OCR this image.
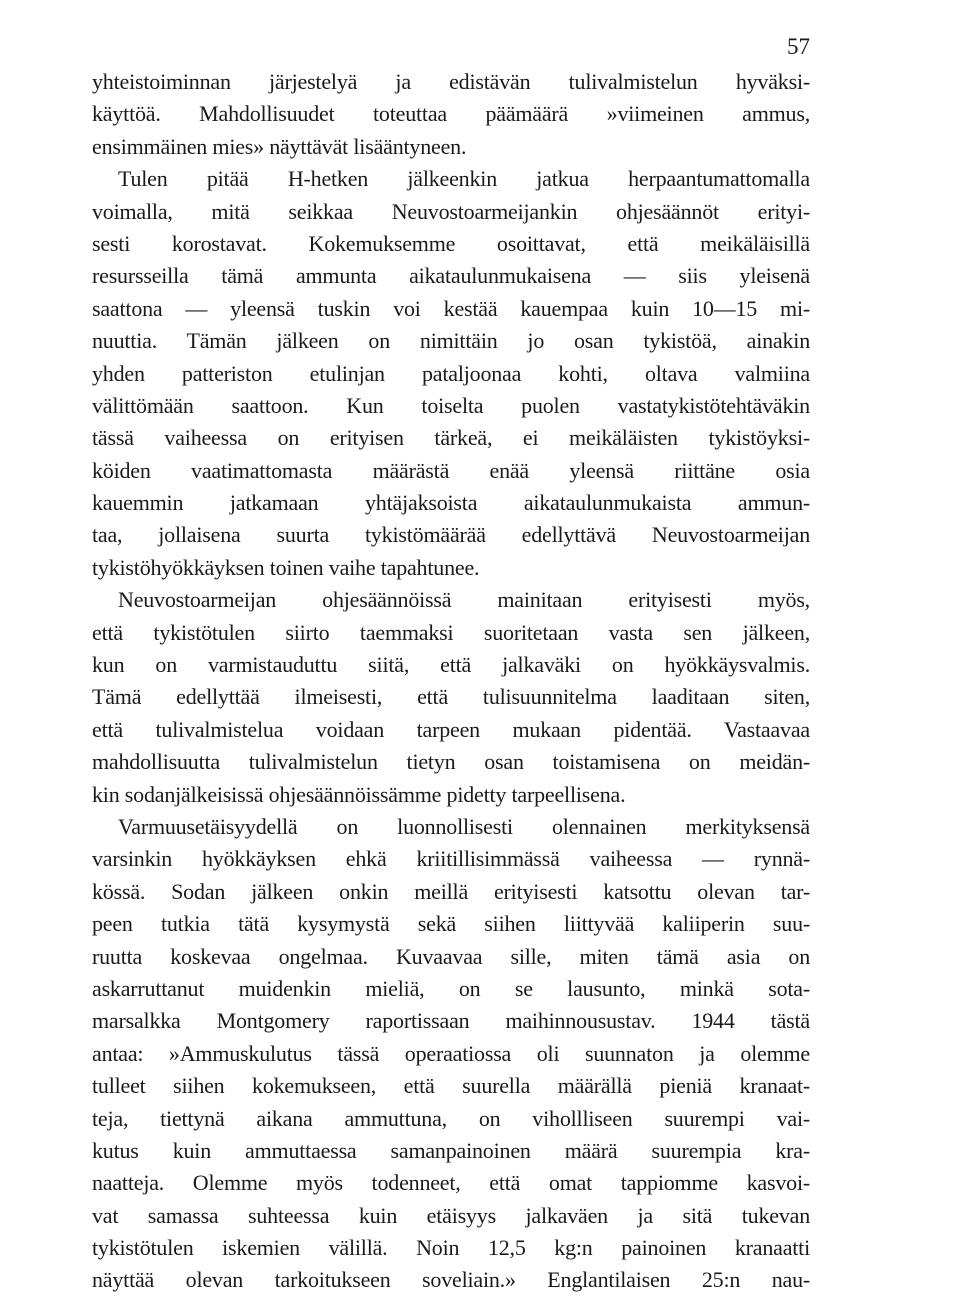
57
yhteistoiminnan järjestelyä ja edistävän tulivalmistelun hyväksi-
käyttöä. Mahdollisuudet toteuttaa päämäärä »viimeinen ammus,
ensimmäinen mies» näyttävät lisääntyneen.
Tulen pitää H-hetken jälkeenkin jatkua herpaantumattomalla
voimalla, mitä seikkaa Neuvostoarmeijankin ohjesäännöt erityi-
sesti korostavat. Kokemuksemme osoittavat, että meikäläisillä
resursseilla tämä ammunta aikataulunmukaisena — siis yleisenä
saattona — yleensä tuskin voi kestää kauempaa kuin 10—15 mi-
nuuttia. Tämän jälkeen on nimittäin jo osan tykistöä, ainakin
yhden patteriston etulinjan pataljoonaa kohti, oltava valmiina
välittömään saattoon. Kun toiselta puolen vastatykistötehtäväkin
tässä vaiheessa on erityisen tärkeä, ei meikäläisten tykistöyksi-
köiden vaatimattomasta määrästä enää yleensä riittäne osia
kauemmin jatkamaan yhtäjaksoista aikataulunmukaista ammun-
taa, jollaisena suurta tykistömäärää edellyttävä Neuvostoarmeijan
tykistöhyökkäyksen toinen vaihe tapahtunee.
Neuvostoarmeijan ohjesäännöissä mainitaan erityisesti myös,
että tykistötulen siirto taemmaksi suoritetaan vasta sen jälkeen,
kun on varmistauduttu siitä, että jalkaväki on hyökkäysvalmis.
Tämä edellyttää ilmeisesti, että tulisuunnitelma laaditaan siten,
että tulivalmistelua voidaan tarpeen mukaan pidentää. Vastaavaa
mahdollisuutta tulivalmistelun tietyn osan toistamisena on meidän-
kin sodanjälkeisissä ohjesäännöissämme pidetty tarpeellisena.
Varmuusetäisyydellä on luonnollisesti olennainen merkityksensä
varsinkin hyökkäyksen ehkä kriitillisimmässä vaiheessa — rynnä-
kössä. Sodan jälkeen onkin meillä erityisesti katsottu olevan tar-
peen tutkia tätä kysymystä sekä siihen liittyvää kaliiperin suu-
ruutta koskevaa ongelmaa. Kuvaavaa sille, miten tämä asia on
askarruttanut muidenkin mieliä, on se lausunto, minkä sota-
marsalkka Montgomery raportissaan maihinnousustav. 1944 tästä
antaa: »Ammuskulutus tässä operaatiossa oli suunnaton ja olemme
tulleet siihen kokemukseen, että suurella määrällä pieniä kranaat-
teja, tiettynä aikana ammuttuna, on vihollliseen suurempi vai-
kutus kuin ammuttaessa samanpainoinen määrä suurempia kra-
naatteja. Olemme myös todenneet, että omat tappiomme kasvoi-
vat samassa suhteessa kuin etäisyys jalkaväen ja sitä tukevan
tykistötulen iskemien välillä. Noin 12,5 kg:n painoinen kranaatti
näyttää olevan tarkoitukseen soveliain.» Englantilaisen 25:n nau-
